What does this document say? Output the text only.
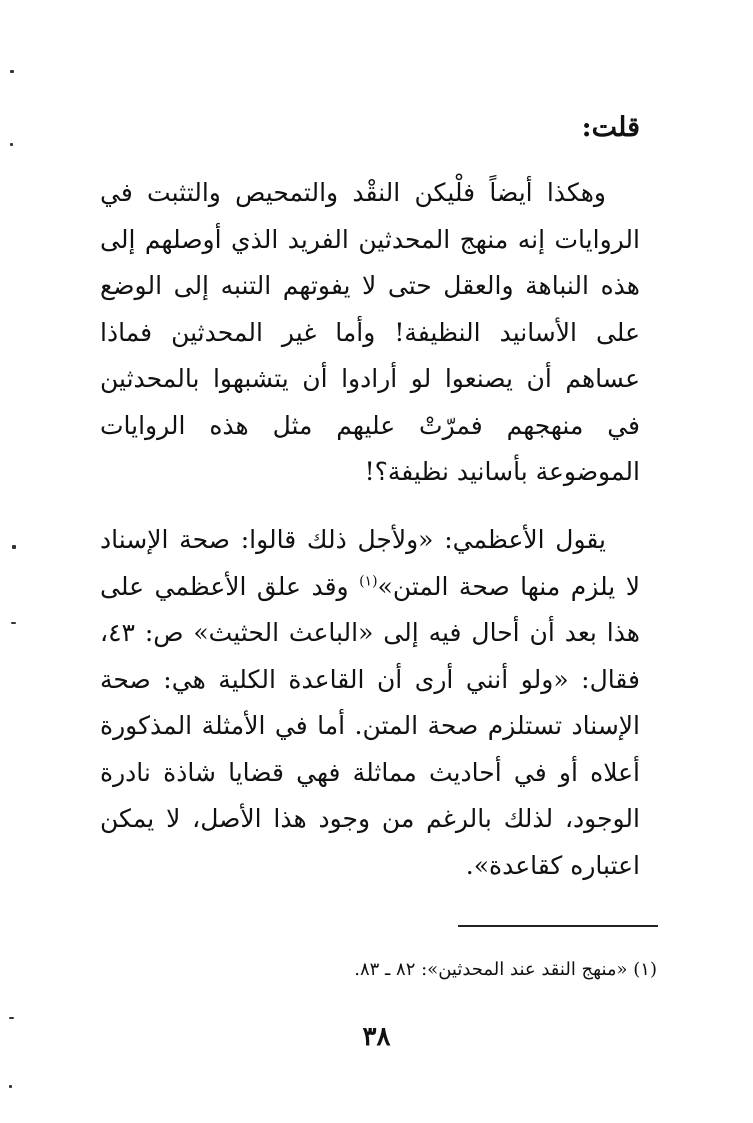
قلت:
وهكذا أيضاً فلْيكن النقْد والتمحيص والتثبت في الروايات إنه منهج المحدثين الفريد الذي أوصلهم إلى هذه النباهة والعقل حتى لا يفوتهم التنبه إلى الوضع على الأسانيد النظيفة! وأما غير المحدثين فماذا عساهم أن يصنعوا لو أرادوا أن يتشبهوا بالمحدثين في منهجهم فمرّتْ عليهم مثل هذه الروايات الموضوعة بأسانيد نظيفة؟!
يقول الأعظمي: «ولأجل ذلك قالوا: صحة الإسناد لا يلزم منها صحة المتن»$^{(١)}$ وقد علق الأعظمي على هذا بعد أن أحال فيه إلى «الباعث الحثيث» ص: ٤٣، فقال: «ولو أنني أرى أن القاعدة الكلية هي: صحة الإسناد تستلزم صحة المتن. أما في الأمثلة المذكورة أعلاه أو في أحاديث مماثلة فهي قضايا شاذة نادرة الوجود، لذلك بالرغم من وجود هذا الأصل، لا يمكن اعتباره كقاعدة».
(١) «منهج النقد عند المحدثين»: ٨٢ ـ ٨٣.
٣٨
